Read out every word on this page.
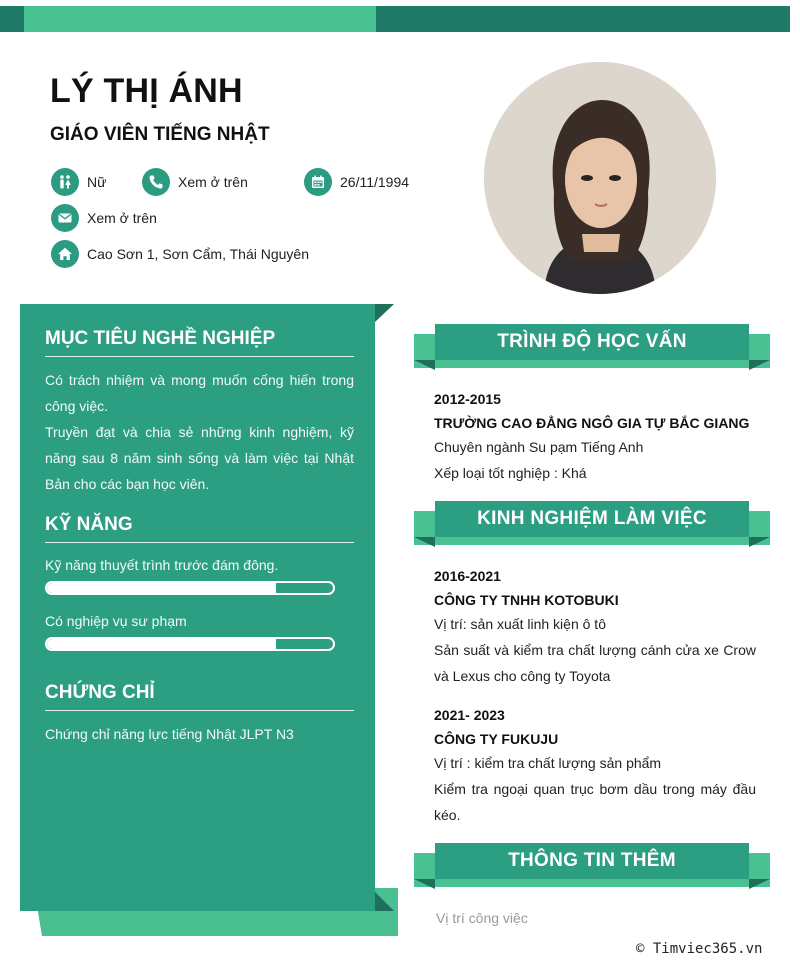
LÝ THỊ ÁNH
GIÁO VIÊN TIẾNG NHẬT
Nữ	Xem ở trên	26/11/1994
Xem ở trên
Cao Sơn 1, Sơn Cẩm, Thái Nguyên
MỤC TIÊU NGHỀ NGHIỆP
Có trách nhiệm và mong muốn cống hiến trong công việc.
Truyền đạt và chia sẻ những kinh nghiệm, kỹ năng sau 8 năm sinh sống và làm việc tại Nhật Bản cho các bạn học viên.
KỸ NĂNG
Kỹ năng thuyết trình trước đám đông.
Có nghiệp vụ sư phạm
CHỨNG CHỈ
Chứng chỉ năng lực tiếng Nhật JLPT N3
TRÌNH ĐỘ HỌC VẤN
2012-2015
TRƯỜNG CAO ĐẲNG NGÔ GIA TỰ BẮC GIANG
Chuyên ngành Su pạm Tiếng Anh
Xếp loại tốt nghiệp : Khá
KINH NGHIỆM LÀM VIỆC
2016-2021
CÔNG TY TNHH KOTOBUKI
Vị trí: sản xuất linh kiện ô tô
Sản suất và kiểm tra chất lượng cánh cửa xe Crow và Lexus cho công ty Toyota
2021- 2023
CÔNG TY FUKUJU
Vị trí : kiểm tra chất lượng sản phẩm
Kiểm tra ngoại quan trục bơm dầu trong máy đầu kéo.
THÔNG TIN THÊM
Vị trí công việc
© Timviec365.vn
